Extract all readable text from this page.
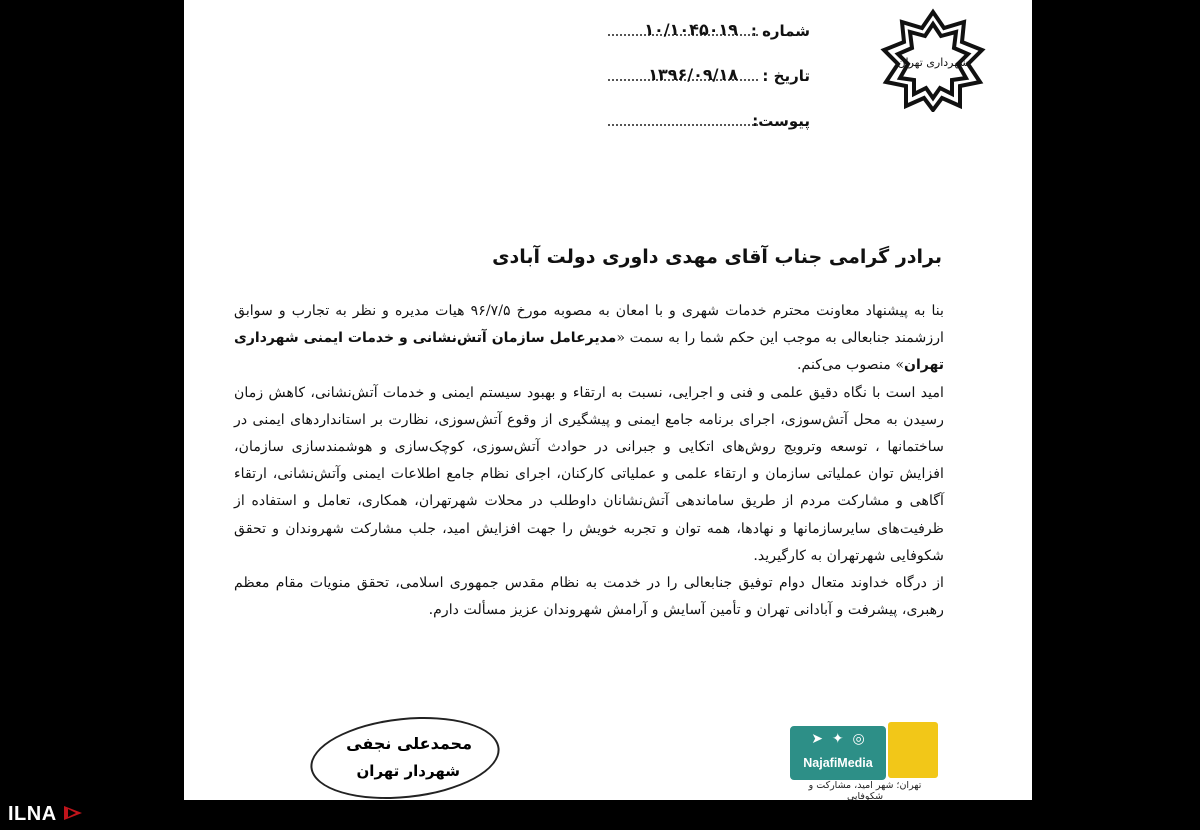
شهرداری تهران
شماره :
۱۰/۱۰۴۵۰۱۹
تاریخ :
۱۳۹۶/۰۹/۱۸
پیوست:
برادر گرامی جناب آقای مهدی داوری دولت آبادی

بنا به پیشنهاد معاونت محترم خدمات شهری و با امعان به مصوبه مورخ ۹۶/۷/۵ هیات مدیره و نظر به تجارب و سوابق ارزشمند جنابعالی به موجب این حکم شما را به سمت «مدیرعامل سازمان آتش‌نشانی و خدمات ایمنی شهرداری تهران» منصوب می‌کنم.

امید است با نگاه دقیق علمی و فنی و اجرایی، نسبت به ارتقاء و بهبود سیستم ایمنی و خدمات آتش‌نشانی، کاهش زمان رسیدن به محل آتش‌سوزی، اجرای برنامه جامع ایمنی و پیشگیری از وقوع آتش‌سوزی، نظارت بر استانداردهای ایمنی در ساختمانها ، توسعه وترویج روش‌های اتکایی و جبرانی در حوادث آتش‌سوزی، کوچک‌سازی و هوشمندسازی سازمان، افزایش توان عملیاتی سازمان و ارتقاء علمی و عملیاتی کارکنان، اجرای نظام جامع اطلاعات ایمنی وآتش‌نشانی، ارتقاء آگاهی و مشارکت مردم از طریق ساماندهی آتش‌نشانان داوطلب در محلات شهرتهران، همکاری، تعامل و استفاده از ظرفیت‌های سایرسازمانها و نهادها، همه توان و تجربه خویش را جهت افزایش امید، جلب مشارکت شهروندان و تحقق شکوفایی شهرتهران به کارگیرید.

از درگاه خداوند متعال دوام توفیق جنابعالی را در خدمت به نظام مقدس جمهوری اسلامی، تحقق منویات مقام معظم رهبری، پیشرفت و آبادانی تهران و تأمین آسایش و آرامش شهروندان عزیز مسألت دارم.

محمدعلی نجفی
شهردار تهران
➤ ✦ ◎
NajafiMedia
تهران؛ شهر امید، مشارکت و شکوفایی
ILNA
